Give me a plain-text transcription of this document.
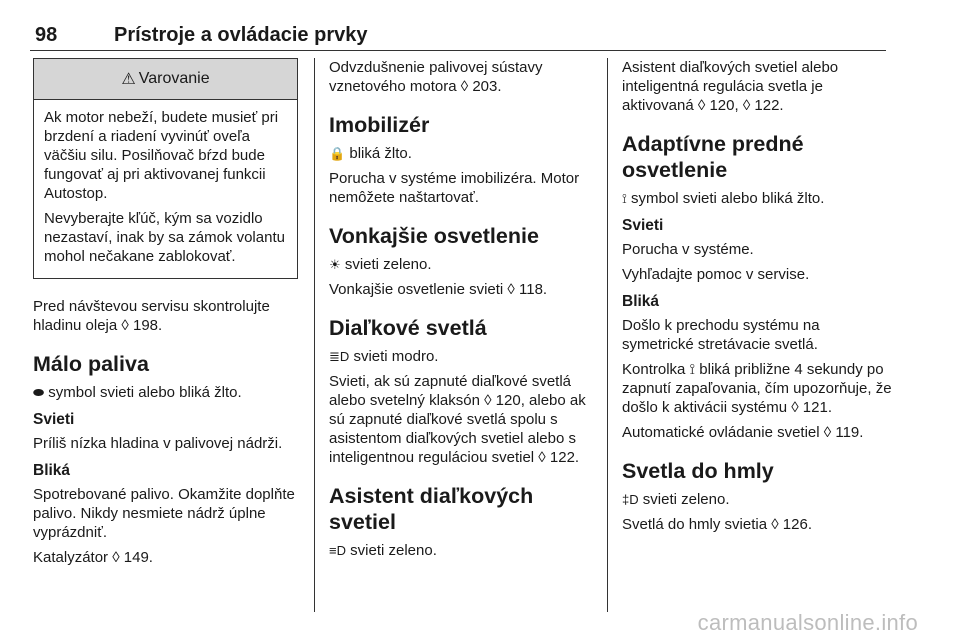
98	Prístroje a ovládacie prvky
⚠ Varovanie

Ak motor nebeží, budete musieť pri brzdení a riadení vyvinúť oveľa väčšiu silu. Posilňovač bŕzd bude fungovať aj pri aktivovanej funkcii Autostop.

Nevyberajte kľúč, kým sa vozidlo nezastaví, inak by sa zámok volantu mohol nečakane zablokovať.

Pred návštevou servisu skontrolujte hladinu oleja ◊ 198.

Málo paliva

⬬ symbol svieti alebo bliká žlto.

Svieti

Príliš nízka hladina v palivovej nádrži.

Bliká

Spotrebované palivo. Okamžite doplňte palivo. Nikdy nesmiete nádrž úplne vyprázdniť.

Katalyzátor ◊ 149.

Odvzdušnenie palivovej sústavy vznetového motora ◊ 203.

Imobilizér

🔒 bliká žlto.

Porucha v systéme imobilizéra. Motor nemôžete naštartovať.

Vonkajšie osvetlenie

☀ svieti zeleno.

Vonkajšie osvetlenie svieti ◊ 118.

Diaľkové svetlá

≣D svieti modro.

Svieti, ak sú zapnuté diaľkové svetlá alebo svetelný klaksón ◊ 120, alebo ak sú zapnuté diaľkové svetlá spolu s asistentom diaľkových svetiel alebo s inteligentnou reguláciou svetiel ◊ 122.

Asistent diaľkových svetiel

≡D svieti zeleno.

Asistent diaľkových svetiel alebo inteligentná regulácia svetla je aktivovaná ◊ 120, ◊ 122.

Adaptívne predné osvetlenie

⟟ symbol svieti alebo bliká žlto.

Svieti

Porucha v systéme.

Vyhľadajte pomoc v servise.

Bliká

Došlo k prechodu systému na symetrické stretávacie svetlá.

Kontrolka ⟟ bliká približne 4 sekundy po zapnutí zapaľovania, čím upozorňuje, že došlo k aktivácii systému ◊ 121.

Automatické ovládanie svetiel ◊ 119.

Svetla do hmly

‡D svieti zeleno.

Svetlá do hmly svietia ◊ 126.

carmanualsonline.info
